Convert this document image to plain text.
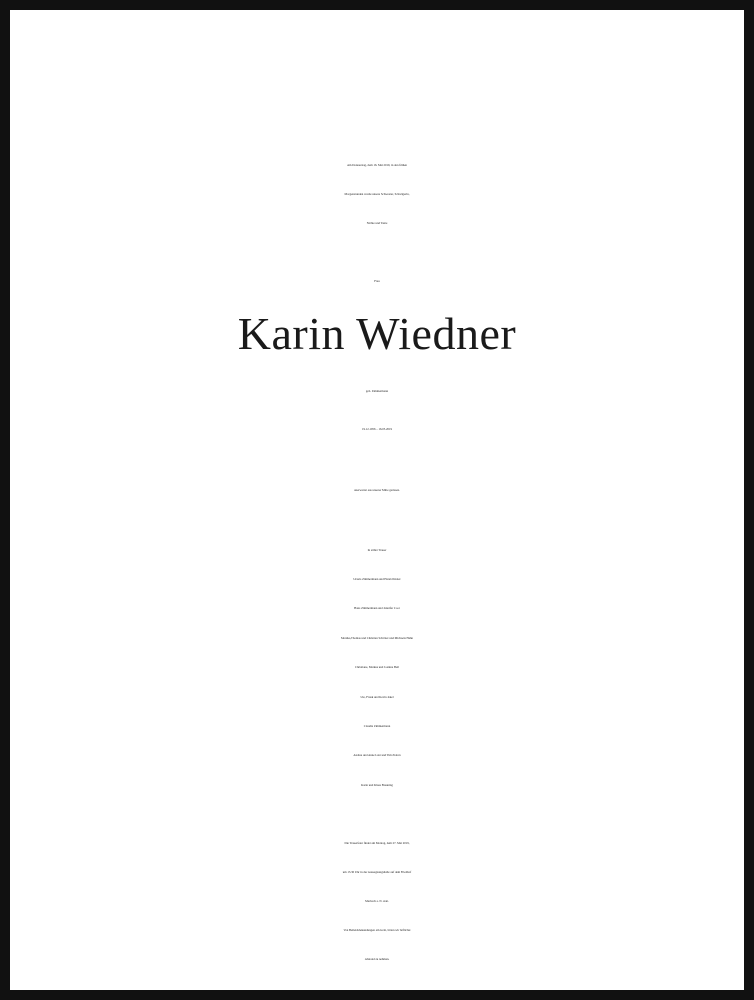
Am Donnerstag, dem 16. Mai 2019, in den frühen
Morgenstunden wurde unsere Schwester, Schwägerin,
Nichte und Tante
Frau
Karin Wiedner
geb. Zimmermann
19.12.1956 – 16.05.2019
unerwartet aus unserer Mitte gerissen.
In stiller Trauer
Ursula Zimmermann und Harald Kisler
Hans Zimmermann und Jennifer Coor
Monika,Thomas und Christian Schröter und Michaela Hahn
Christiane, Markus und Joanina Beil
Ute, Frank und Kevin Jekel
Claudia Zimmermann
Andrea und Anne Lutz und Tim Zidorn
Karin und Klaus Breuning
Die Trauerfeier findet am Montag, dem 27. Mai 2019,
um 13.30 Uhr in der Aussegnungshalle auf dem Friedhof
Marbach a. N. statt.
Von Beileidsbekundungen am Grab, bitten wir höflichst
Abstand zu nehmen.
